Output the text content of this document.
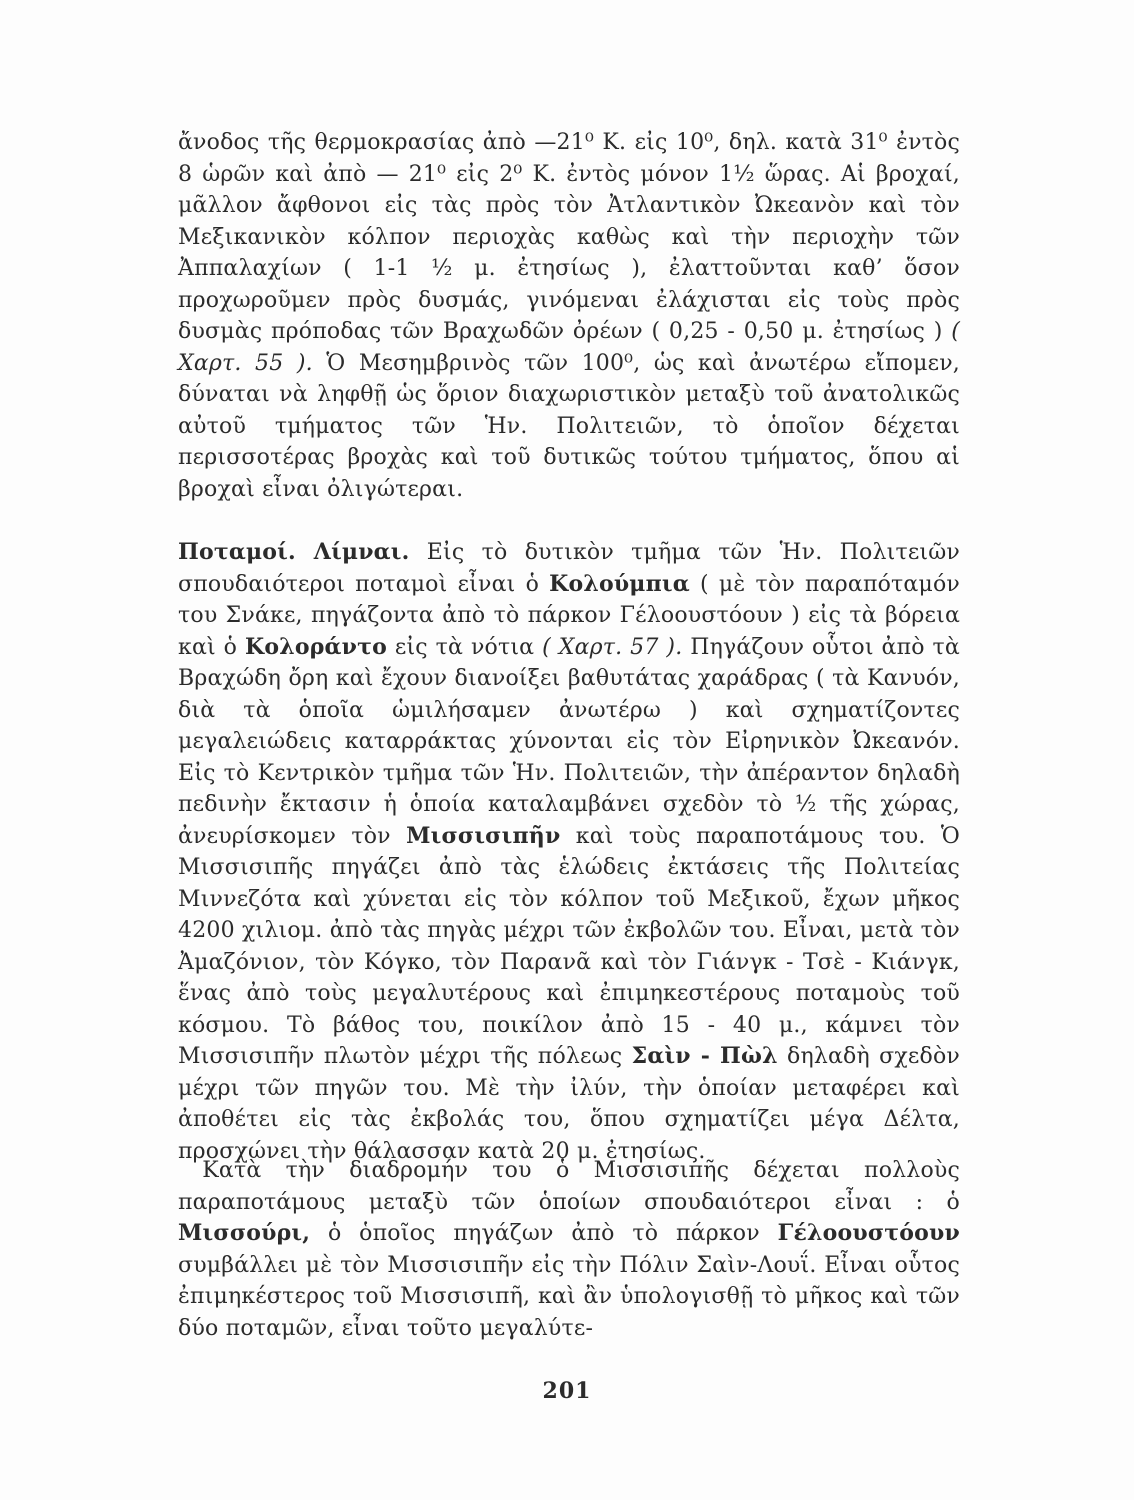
ἄνοδος τῆς θερμοκρασίας ἀπὸ —21⁰ Κ. εἰς 10⁰, δηλ. κατὰ 31⁰ ἐντὸς 8 ὡρῶν καὶ ἀπὸ — 21⁰ εἰς 2⁰ Κ. ἐντὸς μόνον 1½ ὥρας. Αἱ βροχαί, μᾶλλον ἄφθονοι εἰς τὰς πρὸς τὸν Ἀτλαντικὸν Ὠκεανὸν καὶ τὸν Μεξικανικὸν κόλπον περιοχὰς καθὼς καὶ τὴν περιοχὴν τῶν Ἀππαλαχίων ( 1-1 ½ μ. ἐτησίως ), ἐλαττοῦνται καθ’ ὅσον προχωροῦμεν πρὸς δυσμάς, γινόμεναι ἐλάχισται εἰς τοὺς πρὸς δυσμὰς πρόποδας τῶν Βραχωδῶν ὀρέων ( 0,25 - 0,50 μ. ἐτησίως ) ( Χαρτ. 55 ). Ὁ Μεσημβρινὸς τῶν 100⁰, ὡς καὶ ἀνωτέρω εἴπομεν, δύναται νὰ ληφθῇ ὡς ὅριον διαχωριστικὸν μεταξὺ τοῦ ἀνατολικῶς αὐτοῦ τμήματος τῶν Ἡν. Πολιτειῶν, τὸ ὁποῖον δέχεται περισσοτέρας βροχὰς καὶ τοῦ δυτικῶς τούτου τμήματος, ὅπου αἱ βροχαὶ εἶναι ὀλιγώτεραι.
Ποταμοί. Λίμναι. Εἰς τὸ δυτικὸν τμῆμα τῶν Ἡν. Πολιτειῶν σπουδαιότεροι ποταμοὶ εἶναι ὁ Κολούμπια ( μὲ τὸν παραπόταμόν του Σνάκε, πηγάζοντα ἀπὸ τὸ πάρκον Γέλοουστόουν ) εἰς τὰ βόρεια καὶ ὁ Κολοράντο εἰς τὰ νότια ( Χαρτ. 57 ). Πηγάζουν οὗτοι ἀπὸ τὰ Βραχώδη ὄρη καὶ ἔχουν διανοίξει βαθυτάτας χαράδρας ( τὰ Κανυόν, διὰ τὰ ὁποῖα ὡμιλήσαμεν ἀνωτέρω ) καὶ σχηματίζοντες μεγαλειώδεις καταρράκτας χύνονται εἰς τὸν Εἰρηνικὸν Ὠκεανόν. Εἰς τὸ Κεντρικὸν τμῆμα τῶν Ἡν. Πολιτειῶν, τὴν ἀπέραντον δηλαδὴ πεδινὴν ἔκτασιν ἡ ὁποία καταλαμβάνει σχεδὸν τὸ ½ τῆς χώρας, ἀνευρίσκομεν τὸν Μισσισιπῆν καὶ τοὺς παραποτάμους του. Ὁ Μισσισιπῆς πηγάζει ἀπὸ τὰς ἑλώδεις ἐκτάσεις τῆς Πολιτείας Μιννεζότα καὶ χύνεται εἰς τὸν κόλπον τοῦ Μεξικοῦ, ἔχων μῆκος 4200 χιλιομ. ἀπὸ τὰς πηγὰς μέχρι τῶν ἐκβολῶν του. Εἶναι, μετὰ τὸν Ἀμαζόνιον, τὸν Κόγκο, τὸν Παρανᾶ καὶ τὸν Γιάνγκ - Τσὲ - Κιάνγκ, ἕνας ἀπὸ τοὺς μεγαλυτέρους καὶ ἐπιμηκεστέρους ποταμοὺς τοῦ κόσμου. Τὸ βάθος του, ποικίλον ἀπὸ 15 - 40 μ., κάμνει τὸν Μισσισιπῆν πλωτὸν μέχρι τῆς πόλεως Σαὶν - Πὼλ δηλαδὴ σχεδὸν μέχρι τῶν πηγῶν του. Μὲ τὴν ἰλύν, τὴν ὁποίαν μεταφέρει καὶ ἀποθέτει εἰς τὰς ἐκβολάς του, ὅπου σχηματίζει μέγα Δέλτα, προσχώνει τὴν θάλασσαν κατὰ 20 μ. ἐτησίως.
Κατὰ τὴν διαδρομήν του ὁ Μισσισιπῆς δέχεται πολλοὺς παραποτάμους μεταξὺ τῶν ὁποίων σπουδαιότεροι εἶναι : ὁ Μισσούρι, ὁ ὁποῖος πηγάζων ἀπὸ τὸ πάρκον Γέλοουστόουν συμβάλλει μὲ τὸν Μισσισιπῆν εἰς τὴν Πόλιν Σαὶν-Λουΐ. Εἶναι οὗτος ἐπιμηκέστερος τοῦ Μισσισιπῆ, καὶ ἂν ὑπολογισθῇ τὸ μῆκος καὶ τῶν δύο ποταμῶν, εἶναι τοῦτο μεγαλύτε-
201
